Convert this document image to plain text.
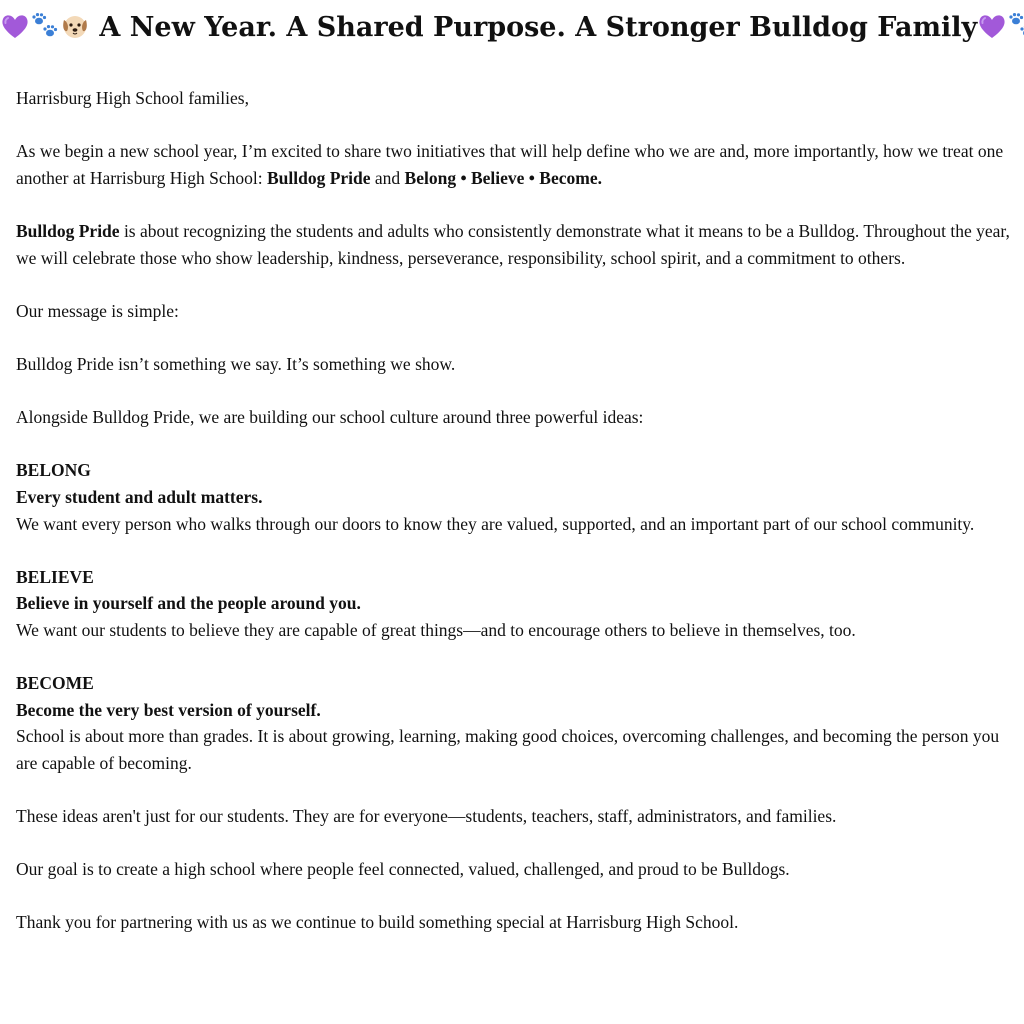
A New Year. A Shared Purpose. A Stronger Bulldog Family

Harrisburg High School families,

As we begin a new school year, I’m excited to share two initiatives that will help define who we are and, more importantly, how we treat one another at Harrisburg High School: Bulldog Pride and Belong • Believe • Become.

Bulldog Pride is about recognizing the students and adults who consistently demonstrate what it means to be a Bulldog. Throughout the year, we will celebrate those who show leadership, kindness, perseverance, responsibility, school spirit, and a commitment to others.

Our message is simple:

Bulldog Pride isn’t something we say. It’s something we show.

Alongside Bulldog Pride, we are building our school culture around three powerful ideas:

BELONG

Every student and adult matters.

We want every person who walks through our doors to know they are valued, supported, and an important part of our school community.

BELIEVE

Believe in yourself and the people around you.

We want our students to believe they are capable of great things—and to encourage others to believe in themselves, too.

BECOME

Become the very best version of yourself.

School is about more than grades. It is about growing, learning, making good choices, overcoming challenges, and becoming the person you are capable of becoming.

These ideas aren't just for our students. They are for everyone—students, teachers, staff, administrators, and families.

Our goal is to create a high school where people feel connected, valued, challenged, and proud to be Bulldogs.

Thank you for partnering with us as we continue to build something special at Harrisburg High School.
